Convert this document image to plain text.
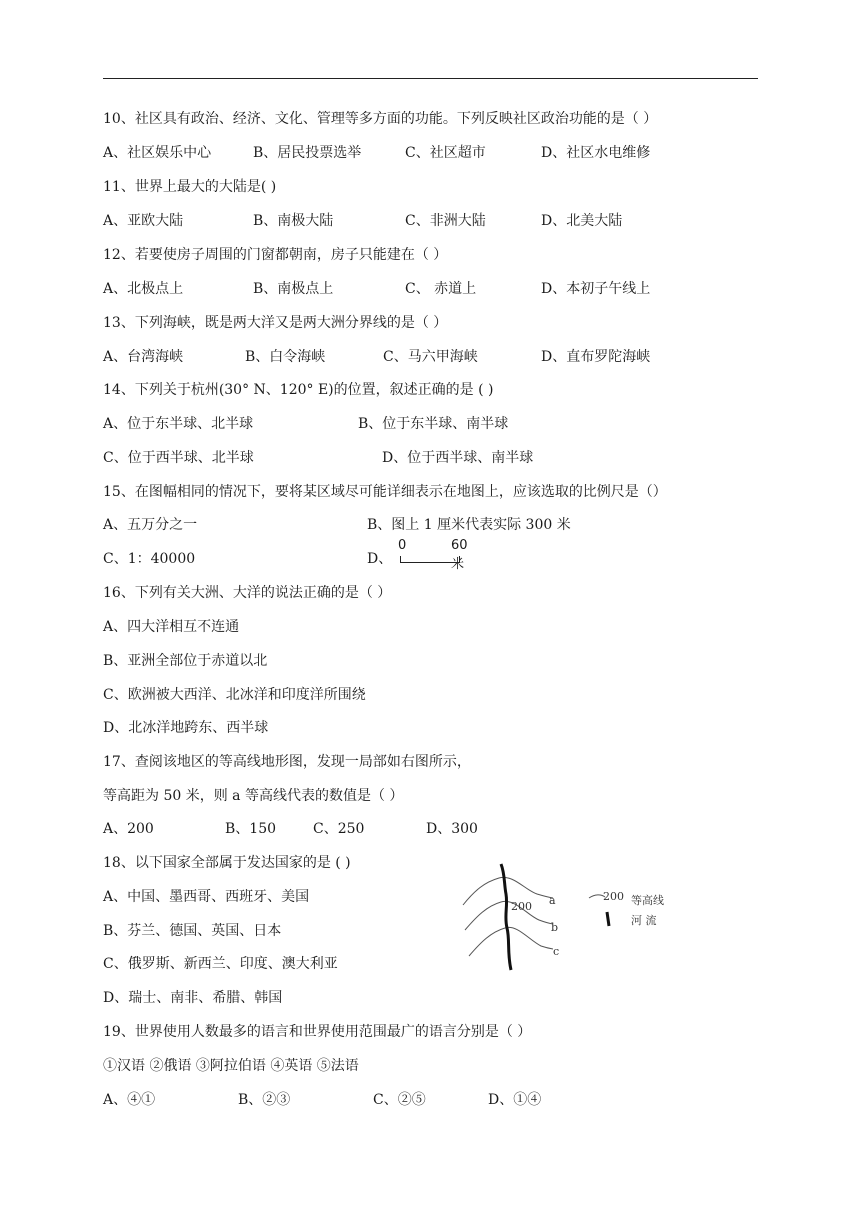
10、社区具有政治、经济、文化、管理等多方面的功能。下列反映社区政治功能的是（ ）
A、社区娱乐中心	B、居民投票选举	C、社区超市	D、社区水电维修
11、世界上最大的大陆是( )
A、亚欧大陆	B、南极大陆	C、非洲大陆	D、北美大陆
12、若要使房子周围的门窗都朝南，房子只能建在（ ）
A、北极点上	B、南极点上	C、 赤道上	D、本初子午线上
13、下列海峡，既是两大洋又是两大洲分界线的是（ ）
A、台湾海峡	B、白令海峡	C、马六甲海峡	D、直布罗陀海峡
14、下列关于杭州(30° N、120° E)的位置，叙述正确的是 ( )
A、位于东半球、北半球	B、位于东半球、南半球
C、位于西半球、北半球	D、位于西半球、南半球
15、在图幅相同的情况下，要将某区域尽可能详细表示在地图上，应该选取的比例尺是（）
A、五万分之一	B、图上 1 厘米代表实际 300 米
C、1：40000	D、
0	60 米
16、下列有关大洲、大洋的说法正确的是（ ）
A、四大洋相互不连通
B、亚洲全部位于赤道以北
C、欧洲被大西洋、北冰洋和印度洋所围绕
D、北冰洋地跨东、西半球
17、查阅该地区的等高线地形图，发现一局部如右图所示，
等高距为 50 米，则 a 等高线代表的数值是（ ）
A、200	B、150	C、250	D、300
18、以下国家全部属于发达国家的是 ( )
A、中国、墨西哥、西班牙、美国
B、芬兰、德国、英国、日本
C、俄罗斯、新西兰、印度、澳大利亚
D、瑞士、南非、希腊、韩国
200 a
b
c
200 等高线
河 流
19、世界使用人数最多的语言和世界使用范围最广的语言分别是（ ）
①汉语 ②俄语 ③阿拉伯语 ④英语 ⑤法语
A、④①	B、②③	C、②⑤	D、①④
